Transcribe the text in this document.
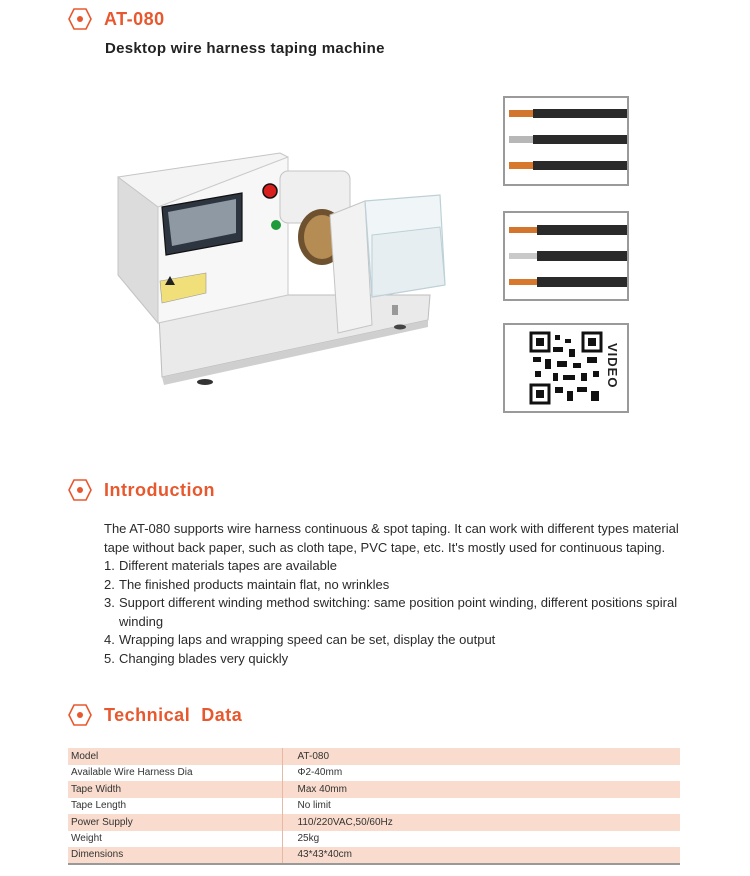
AT-080
Desktop wire harness taping machine
VIDEO
Introduction

The AT-080 supports wire harness continuous & spot taping. It can work with different types material tape without back paper, such as cloth tape, PVC tape, etc. It's mostly used for continuous taping.

1. Different materials tapes are available
2. The finished products maintain flat, no wrinkles
3. Support different winding method switching: same position point winding, different positions spiral winding
4. Wrapping laps and wrapping speed can be set, display the output
5. Changing blades very quickly
Technical  Data
Model	AT-080
Available Wire Harness Dia	Φ2-40mm
Tape Width	Max 40mm
Tape Length	No limit
Power Supply	110/220VAC,50/60Hz
Weight	25kg
Dimensions	43*43*40cm
